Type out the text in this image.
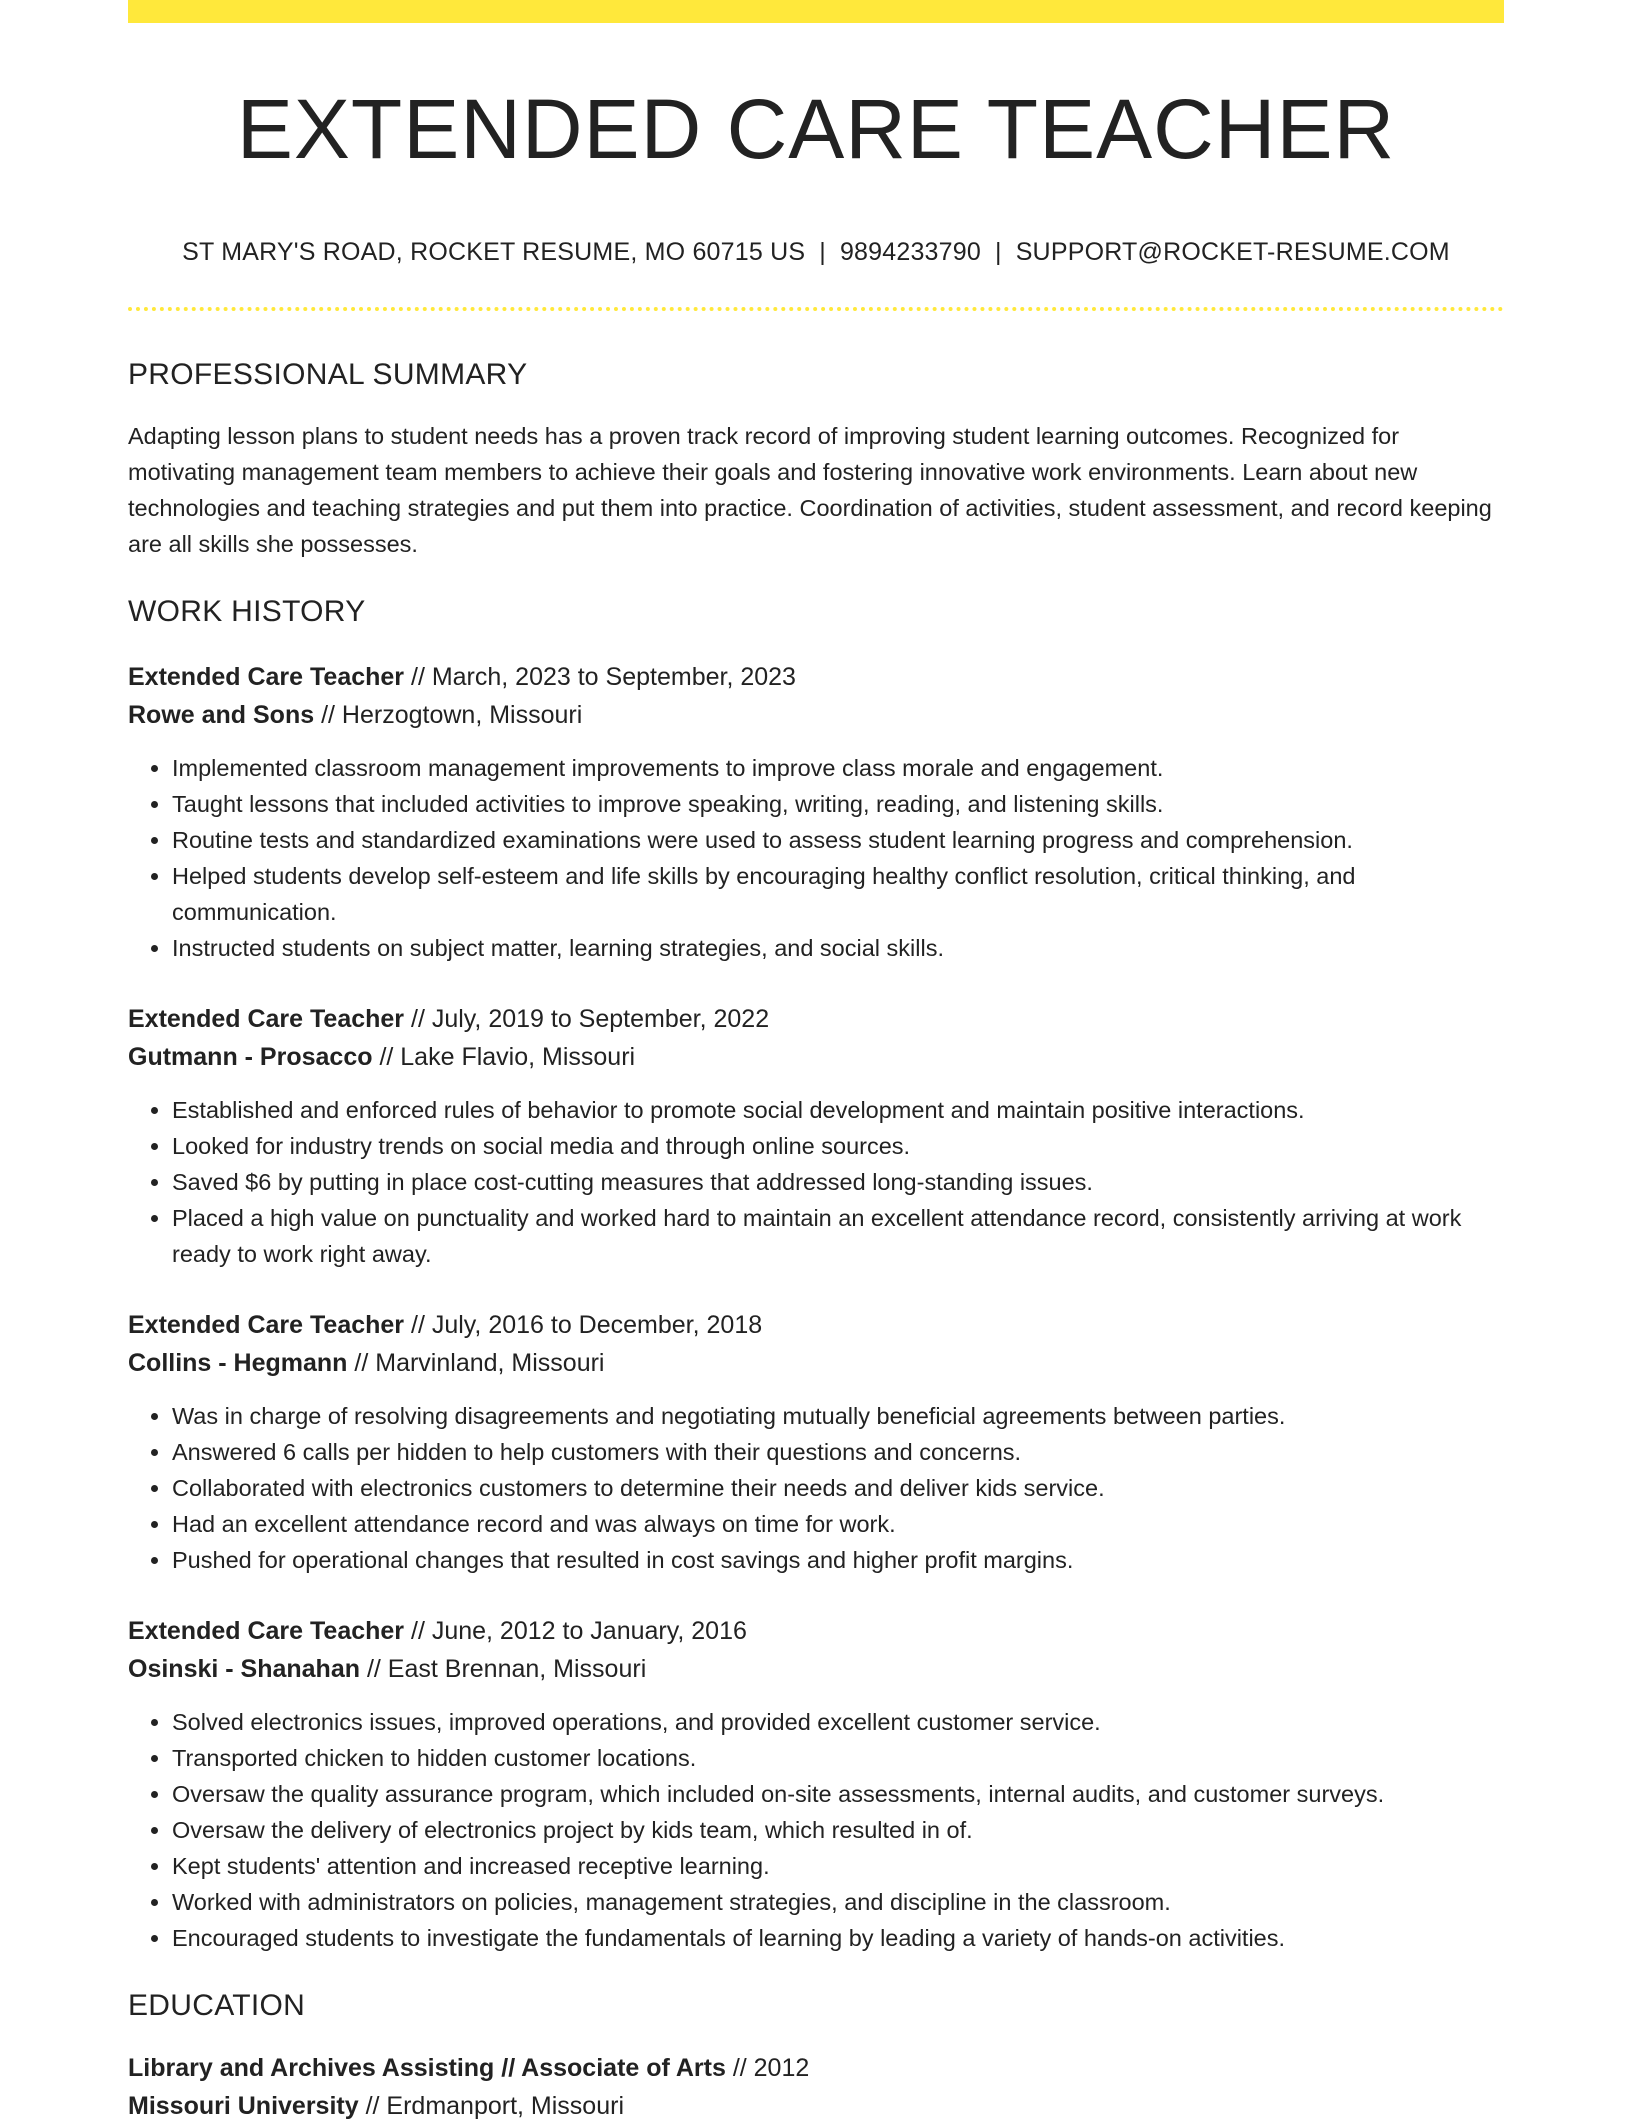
EXTENDED CARE TEACHER
ST MARY'S ROAD, ROCKET RESUME, MO 60715 US | 9894233790 | SUPPORT@ROCKET-RESUME.COM
PROFESSIONAL SUMMARY

Adapting lesson plans to student needs has a proven track record of improving student learning outcomes. Recognized for motivating management team members to achieve their goals and fostering innovative work environments. Learn about new technologies and teaching strategies and put them into practice. Coordination of activities, student assessment, and record keeping are all skills she possesses.

WORK HISTORY
Extended Care Teacher // March, 2023 to September, 2023
Rowe and Sons // Herzogtown, Missouri
• Implemented classroom management improvements to improve class morale and engagement.
• Taught lessons that included activities to improve speaking, writing, reading, and listening skills.
• Routine tests and standardized examinations were used to assess student learning progress and comprehension.
• Helped students develop self-esteem and life skills by encouraging healthy conflict resolution, critical thinking, and communication.
• Instructed students on subject matter, learning strategies, and social skills.
Extended Care Teacher // July, 2019 to September, 2022
Gutmann - Prosacco // Lake Flavio, Missouri
• Established and enforced rules of behavior to promote social development and maintain positive interactions.
• Looked for industry trends on social media and through online sources.
• Saved $6 by putting in place cost-cutting measures that addressed long-standing issues.
• Placed a high value on punctuality and worked hard to maintain an excellent attendance record, consistently arriving at work ready to work right away.
Extended Care Teacher // July, 2016 to December, 2018
Collins - Hegmann // Marvinland, Missouri
• Was in charge of resolving disagreements and negotiating mutually beneficial agreements between parties.
• Answered 6 calls per hidden to help customers with their questions and concerns.
• Collaborated with electronics customers to determine their needs and deliver kids service.
• Had an excellent attendance record and was always on time for work.
• Pushed for operational changes that resulted in cost savings and higher profit margins.
Extended Care Teacher // June, 2012 to January, 2016
Osinski - Shanahan // East Brennan, Missouri
• Solved electronics issues, improved operations, and provided excellent customer service.
• Transported chicken to hidden customer locations.
• Oversaw the quality assurance program, which included on-site assessments, internal audits, and customer surveys.
• Oversaw the delivery of electronics project by kids team, which resulted in of.
• Kept students' attention and increased receptive learning.
• Worked with administrators on policies, management strategies, and discipline in the classroom.
• Encouraged students to investigate the fundamentals of learning by leading a variety of hands-on activities.
EDUCATION
Library and Archives Assisting // Associate of Arts // 2012
Missouri University // Erdmanport, Missouri
